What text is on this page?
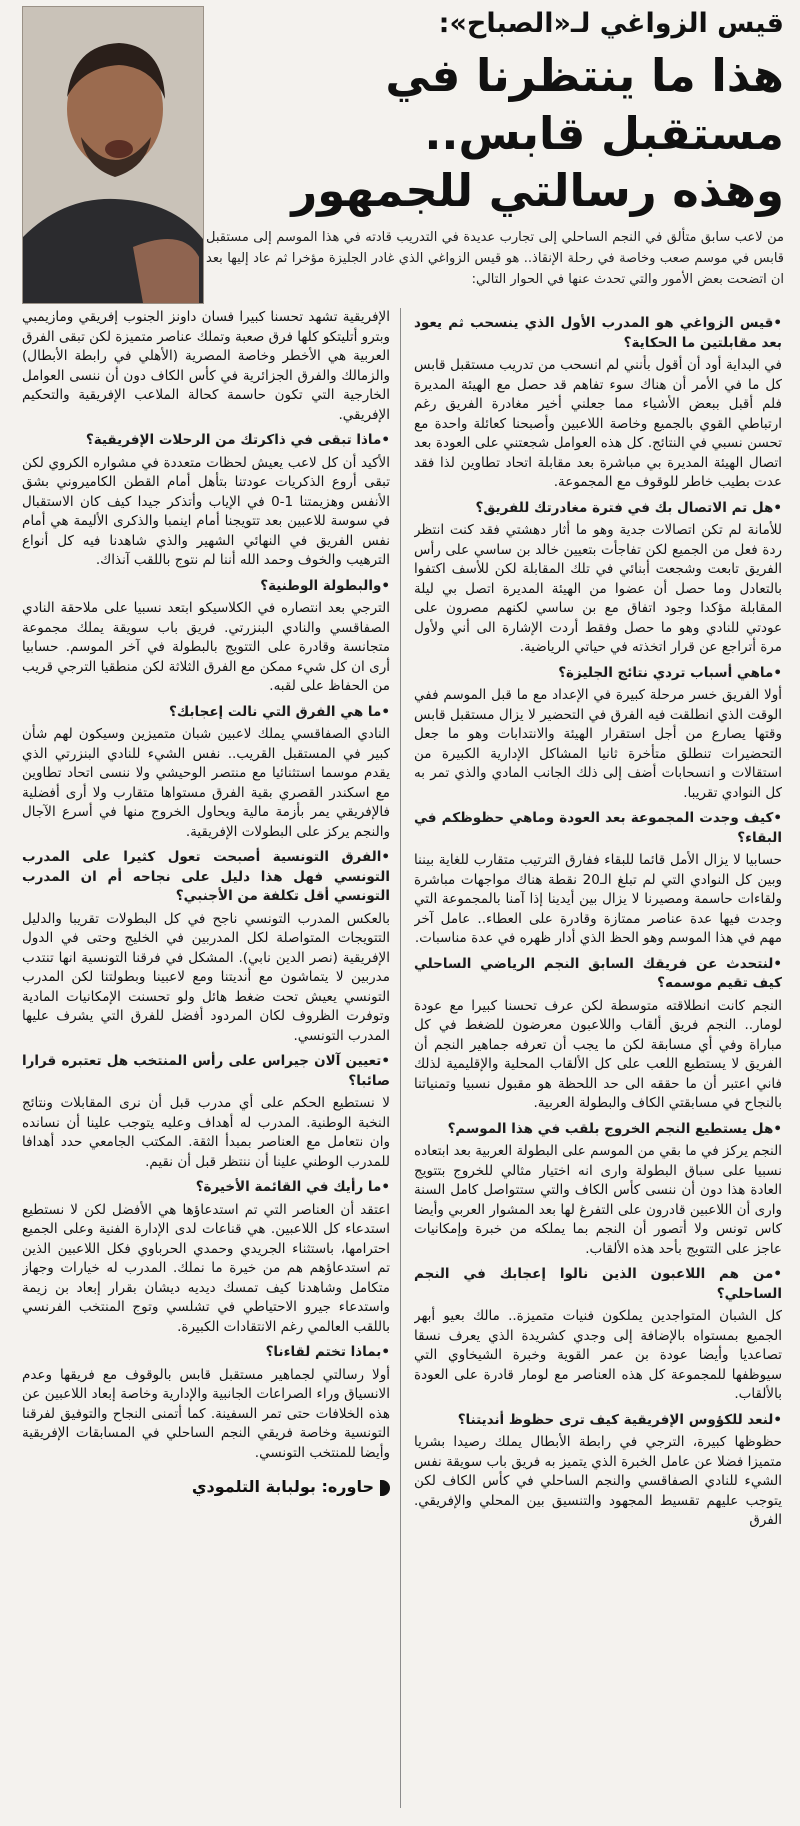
قيس الزواغي لـ«الصباح»:

هذا ما ينتظرنا في مستقبل قابس..
وهذه رسالتي للجمهور

من لاعب سابق متألق في النجم الساحلي إلى تجارب عديدة في التدريب قادته في هذا الموسم إلى مستقبل قابس في موسم صعب وخاصة في رحلة الإنقاذ.. هو قيس الزواغي الذي غادر الجليزة مؤخرا ثم عاد إليها بعد ان اتضحت بعض الأمور والتي تحدث عنها في الحوار التالي:

• قيس الزواغي هو المدرب الأول الذي ينسحب ثم يعود بعد مقابلتين ما الحكاية؟

في البداية أود أن أقول بأنني لم انسحب من تدريب مستقبل قابس كل ما في الأمر أن هناك سوء تفاهم قد حصل مع الهيئة المديرة فلم أقبل ببعض الأشياء مما جعلني أخير مغادرة الفريق رغم ارتباطي القوي بالجميع وخاصة اللاعبين وأصبحنا كعائلة واحدة مع تحسن نسبي في النتائج. كل هذه العوامل شجعتني على العودة بعد اتصال الهيئة المديرة بي مباشرة بعد مقابلة اتحاد تطاوين لذا فقد عدت بطيب خاطر للوقوف مع المجموعة.

• هل تم الاتصال بك في فترة مغادرتك للفريق؟

للأمانة لم تكن اتصالات جدية وهو ما أثار دهشتي فقد كنت انتظر ردة فعل من الجميع لكن تفاجأت بتعيين خالد بن ساسي على رأس الفريق تابعت وشجعت أبنائي في تلك المقابلة لكن للأسف اكتفوا بالتعادل وما حصل أن عضوا من الهيئة المديرة اتصل بي ليلة المقابلة مؤكدا وجود اتفاق مع بن ساسي لكنهم مصرون على عودتي للنادي وهو ما حصل وفقط أردت الإشارة الى أني ولأول مرة أتراجع عن قرار اتخذته في حياتي الرياضية.

• ماهي أسباب تردي نتائج الجليزة؟

أولا الفريق خسر مرحلة كبيرة في الإعداد مع ما قبل الموسم ففي الوقت الذي انطلقت فيه الفرق في التحضير لا يزال مستقبل قابس وقتها يصارع من أجل استقرار الهيئة والانتدابات وهو ما جعل التحضيرات تنطلق متأخرة ثانيا المشاكل الإدارية الكبيرة من استقالات و انسحابات أضف إلى ذلك الجانب المادي والذي تمر به كل النوادي تقريبا.

• كيف وجدت المجموعة بعد العودة وماهي حظوظكم في البقاء؟

حسابيا لا يزال الأمل قائما للبقاء ففارق الترتيب متقارب للغاية بيننا وبين كل النوادي التي لم تبلغ الـ20 نقطة هناك مواجهات مباشرة ولقاءات حاسمة ومصيرنا لا يزال بين أيدينا إذا آمنا بالمجموعة التي وجدت فيها عدة عناصر ممتازة وقادرة على العطاء.. عامل آخر مهم في هذا الموسم وهو الحظ الذي أدار ظهره في عدة مناسبات.

• لنتحدث عن فريقك السابق النجم الرياضي الساحلي كيف تقيم موسمه؟

النجم كانت انطلاقته متوسطة لكن عرف تحسنا كبيرا مع عودة لومار.. النجم فريق ألقاب واللاعبون معرضون للضغط في كل مباراة وفي أي مسابقة لكن ما يجب أن تعرفه جماهير النجم أن الفريق لا يستطيع اللعب على كل الألقاب المحلية والإقليمية لذلك فاني اعتبر أن ما حققه الى حد اللحظة هو مقبول نسبيا وتمنياتنا بالنجاح في مسابقتي الكاف والبطولة العربية.

• هل يستطيع النجم الخروج بلقب في هذا الموسم؟

النجم يركز في ما بقي من الموسم على البطولة العربية بعد ابتعاده نسبيا على سباق البطولة وارى انه اختيار مثالي للخروج بتتويج العادة هذا دون أن ننسى كأس الكاف والتي ستتواصل كامل السنة وارى أن اللاعبين قادرون على التفرغ لها بعد المشوار العربي وأيضا كاس تونس ولا أتصور أن النجم بما يملكه من خبرة وإمكانيات عاجز على التتويج بأحد هذه الألقاب.

• من هم اللاعبون الذين نالوا إعجابك في النجم الساحلي؟

كل الشبان المتواجدين يملكون فنيات متميزة.. مالك بعيو أبهر الجميع بمستواه بالإضافة إلى وجدي كشريدة الذي يعرف نسقا تصاعديا وأيضا عودة بن عمر القوية وخبرة الشيخاوي التي سيوظفها للمجموعة كل هذه العناصر مع لومار قادرة على العودة بالألقاب.

• لنعد للكؤوس الإفريقية كيف ترى حظوظ أنديتنا؟

حظوظها كبيرة، الترجي في رابطة الأبطال يملك رصيدا بشريا متميزا فضلا عن عامل الخبرة الذي يتميز به فريق باب سويقة نفس الشيء للنادي الصفاقسي والنجم الساحلي في كأس الكاف لكن يتوجب عليهم تقسيط المجهود والتنسيق بين المحلي والإفريقي. الفرق

الإفريقية تشهد تحسنا كبيرا فسان داونز الجنوب إفريقي ومازيمبي وبترو أتليتكو كلها فرق صعبة وتملك عناصر متميزة لكن تبقى الفرق العربية هي الأخطر وخاصة المصرية (الأهلي في رابطة الأبطال) والزمالك والفرق الجزائرية في كأس الكاف دون أن ننسى العوامل الخارجية التي تكون حاسمة كحالة الملاعب الإفريقية والتحكيم الإفريقي.

• ماذا تبقى في ذاكرتك من الرحلات الإفريقية؟

الأكيد أن كل لاعب يعيش لحظات متعددة في مشواره الكروي لكن تبقى أروع الذكريات عودتنا بتأهل أمام القطن الكاميروني بشق الأنفس وهزيمتنا 1-0 في الإياب وأتذكر جيدا كيف كان الاستقبال في سوسة للاعبين بعد تتويجنا أمام اينمبا والذكرى الأليمة هي أمام نفس الفريق في النهائي الشهير والذي شاهدنا فيه كل أنواع الترهيب والخوف وحمد الله أننا لم نتوج باللقب آنذاك.

• والبطولة الوطنية؟

الترجي بعد انتصاره في الكلاسيكو ابتعد نسبيا على ملاحقة النادي الصفاقسي والنادي البنزرتي. فريق باب سويقة يملك مجموعة متجانسة وقادرة على التتويج بالبطولة في آخر الموسم. حسابيا أرى ان كل شيء ممكن مع الفرق الثلاثة لكن منطقيا الترجي قريب من الحفاظ على لقبه.

• ما هي الفرق التي نالت إعجابك؟

النادي الصفاقسي يملك لاعبين شبان متميزين وسيكون لهم شأن كبير في المستقبل القريب.. نفس الشيء للنادي البنزرتي الذي يقدم موسما استثنائيا مع منتصر الوحيشي ولا ننسى اتحاد تطاوين مع اسكندر القصري بقية الفرق مستواها متقارب ولا أرى أفضلية فالإفريقي يمر بأزمة مالية ويحاول الخروج منها في أسرع الآجال والنجم يركز على البطولات الإفريقية.

• الفرق التونسية أصبحت تعول كثيرا على المدرب التونسي فهل هذا دليل على نجاحه أم ان المدرب التونسي أقل تكلفة من الأجنبي؟

بالعكس المدرب التونسي ناجح في كل البطولات تقريبا والدليل التتويجات المتواصلة لكل المدربين في الخليج وحتى في الدول الإفريقية (نصر الدين نابي). المشكل في فرقنا التونسية انها تنتدب مدربين لا يتماشون مع أنديتنا ومع لاعبينا وبطولتنا لكن المدرب التونسي يعيش تحت ضغط هائل ولو تحسنت الإمكانيات المادية وتوفرت الظروف لكان المردود أفضل للفرق التي يشرف عليها المدرب التونسي.

• تعيين آلان جيراس على رأس المنتخب هل تعتبره قرارا صائبا؟

لا نستطيع الحكم على أي مدرب قبل أن نرى المقابلات ونتائج النخبة الوطنية. المدرب له أهداف وعليه يتوجب علينا أن نسانده وان نتعامل مع العناصر بمبدأ الثقة. المكتب الجامعي حدد أهدافا للمدرب الوطني علينا أن ننتظر قبل أن نقيم.

• ما رأيك في القائمة الأخيرة؟

اعتقد أن العناصر التي تم استدعاؤها هي الأفضل لكن لا نستطيع استدعاء كل اللاعبين. هي قناعات لدى الإدارة الفنية وعلى الجميع احترامها، باستثناء الجريدي وحمدي الحرباوي فكل اللاعبين الذين تم استدعاؤهم هم من خيرة ما نملك. المدرب له خيارات وجهاز متكامل وشاهدنا كيف تمسك ديديه ديشان بقرار إبعاد بن زيمة واستدعاء جيرو الاحتياطي في تشلسي وتوج المنتخب الفرنسي باللقب العالمي رغم الانتقادات الكبيرة.

• بماذا تختم لقاءنا؟

أولا رسالتي لجماهير مستقبل قابس بالوقوف مع فريقها وعدم الانسياق وراء الصراعات الجانبية والإدارية وخاصة إبعاد اللاعبين عن هذه الخلافات حتى تمر السفينة. كما أتمنى النجاح والتوفيق لفرقنا التونسية وخاصة فريقي النجم الساحلي في المسابقات الإفريقية وأيضا للمنتخب التونسي.

حاوره: بولبابة التلمودي
